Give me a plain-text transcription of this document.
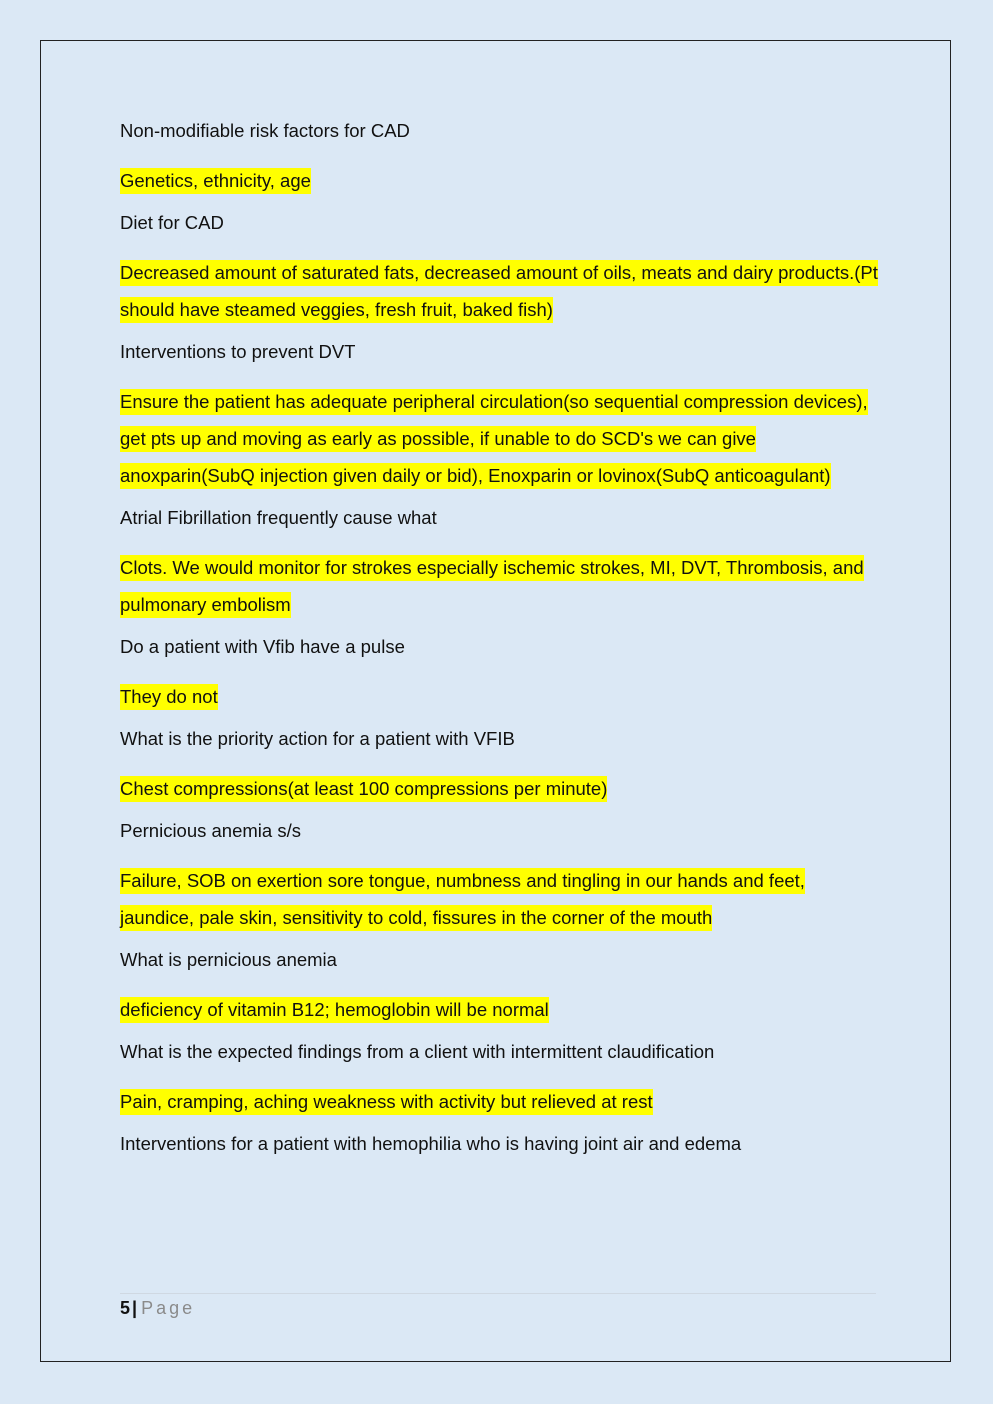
Non-modifiable risk factors for CAD

Genetics, ethnicity, age

Diet for CAD

Decreased amount of saturated fats, decreased amount of oils, meats and dairy products.(Pt should have steamed veggies, fresh fruit, baked fish)

Interventions to prevent DVT

Ensure the patient has adequate peripheral circulation(so sequential compression devices), get pts up and moving as early as possible, if unable to do SCD's we can give anoxparin(SubQ injection given daily or bid), Enoxparin or lovinox(SubQ anticoagulant)

Atrial Fibrillation frequently cause what

Clots. We would monitor for strokes especially ischemic strokes, MI, DVT, Thrombosis, and pulmonary embolism

Do a patient with Vfib have a pulse

They do not

What is the priority action for a patient with VFIB

Chest compressions(at least 100 compressions per minute)

Pernicious anemia s/s

Failure, SOB on exertion sore tongue, numbness and tingling in our hands and feet, jaundice, pale skin, sensitivity to cold, fissures in the corner of the mouth

What is pernicious anemia

deficiency of vitamin B12; hemoglobin will be normal

What is the expected findings from a client with intermittent claudification

Pain, cramping, aching weakness with activity but relieved at rest

Interventions for a patient with hemophilia who is having joint air and edema

5 | Page
